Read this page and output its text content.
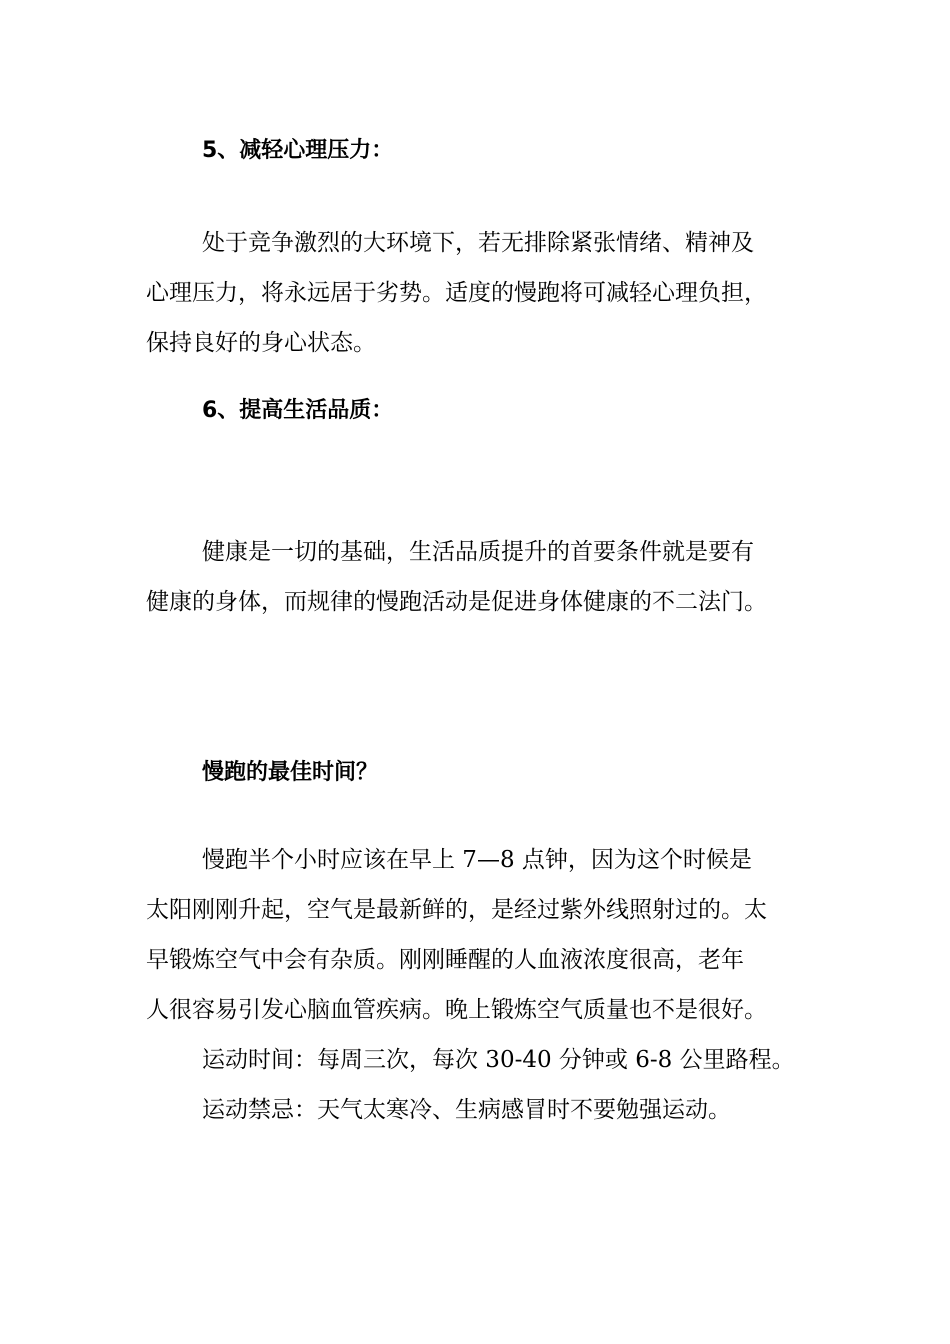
5、减轻心理压力：
处于竞争激烈的大环境下，若无排除紧张情绪、精神及
心理压力，将永远居于劣势。适度的慢跑将可减轻心理负担，
保持良好的身心状态。
6、提高生活品质：
健康是一切的基础，生活品质提升的首要条件就是要有
健康的身体，而规律的慢跑活动是促进身体健康的不二法门。
慢跑的最佳时间？
慢跑半个小时应该在早上 7—8 点钟，因为这个时候是
太阳刚刚升起，空气是最新鲜的，是经过紫外线照射过的。太
早锻炼空气中会有杂质。刚刚睡醒的人血液浓度很高，老年
人很容易引发心脑血管疾病。晚上锻炼空气质量也不是很好。
运动时间：每周三次，每次 30-40 分钟或 6-8 公里路程。
运动禁忌：天气太寒冷、生病感冒时不要勉强运动。
